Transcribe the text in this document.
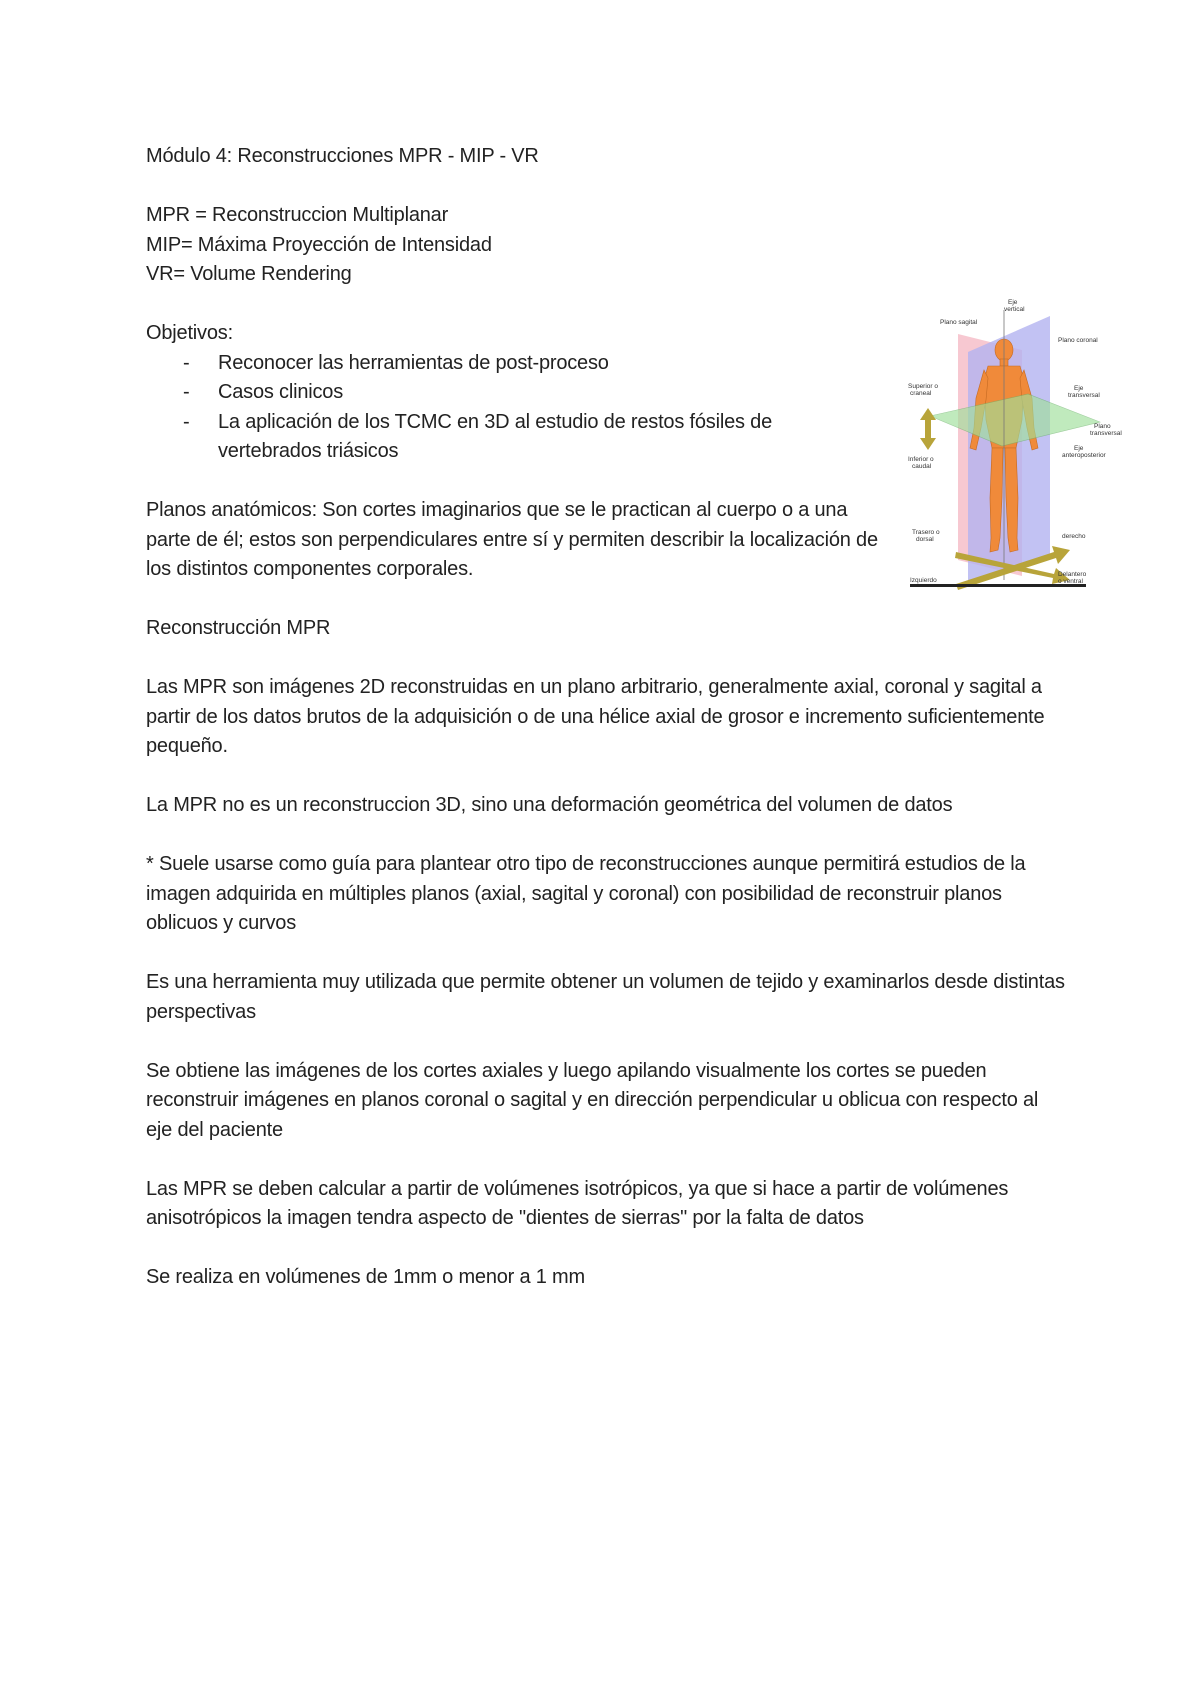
Módulo 4: Reconstrucciones MPR - MIP - VR

MPR = Reconstruccion Multiplanar

MIP= Máxima Proyección de Intensidad

VR= Volume Rendering

Objetivos:

- Reconocer las herramientas de post-proceso
- Casos clinicos
- La aplicación de los TCMC en 3D al estudio de restos fósiles de vertebrados triásicos

Planos anatómicos: Son cortes imaginarios que se le practican al cuerpo o a una parte de él; estos son perpendiculares entre sí y permiten describir la localización de los distintos componentes corporales.

Reconstrucción MPR

Las MPR son imágenes 2D reconstruidas en un plano arbitrario, generalmente axial, coronal y sagital a partir de los datos brutos de la adquisición o de una hélice axial de grosor e incremento suficientemente pequeño.

La MPR no es un reconstruccion 3D, sino una deformación geométrica del volumen de datos

* Suele usarse como guía para plantear otro tipo de reconstrucciones aunque permitirá estudios de la imagen adquirida en múltiples planos (axial, sagital y coronal) con posibilidad de reconstruir planos oblicuos y curvos

Es una herramienta muy utilizada que permite obtener un volumen de tejido y examinarlos desde distintas perspectivas

Se obtiene las imágenes de los cortes axiales y luego apilando visualmente los cortes se pueden reconstruir imágenes en planos coronal o sagital y en dirección perpendicular u oblicua con respecto al eje del paciente

Las MPR se deben calcular a partir de volúmenes isotrópicos, ya que si hace a partir de volúmenes anisotrópicos la imagen tendra aspecto de "dientes de sierras" por la falta de datos

Se realiza en volúmenes de 1mm o menor a 1 mm

Eje
vertical
Plano sagital
Plano coronal
Superior o
craneal
Eje
transversal
Plano
transversal
Eje
anteroposterior
Inferior o
caudal
Trasero o
dorsal	derecho
Izquierdo
Delantero
o ventral
